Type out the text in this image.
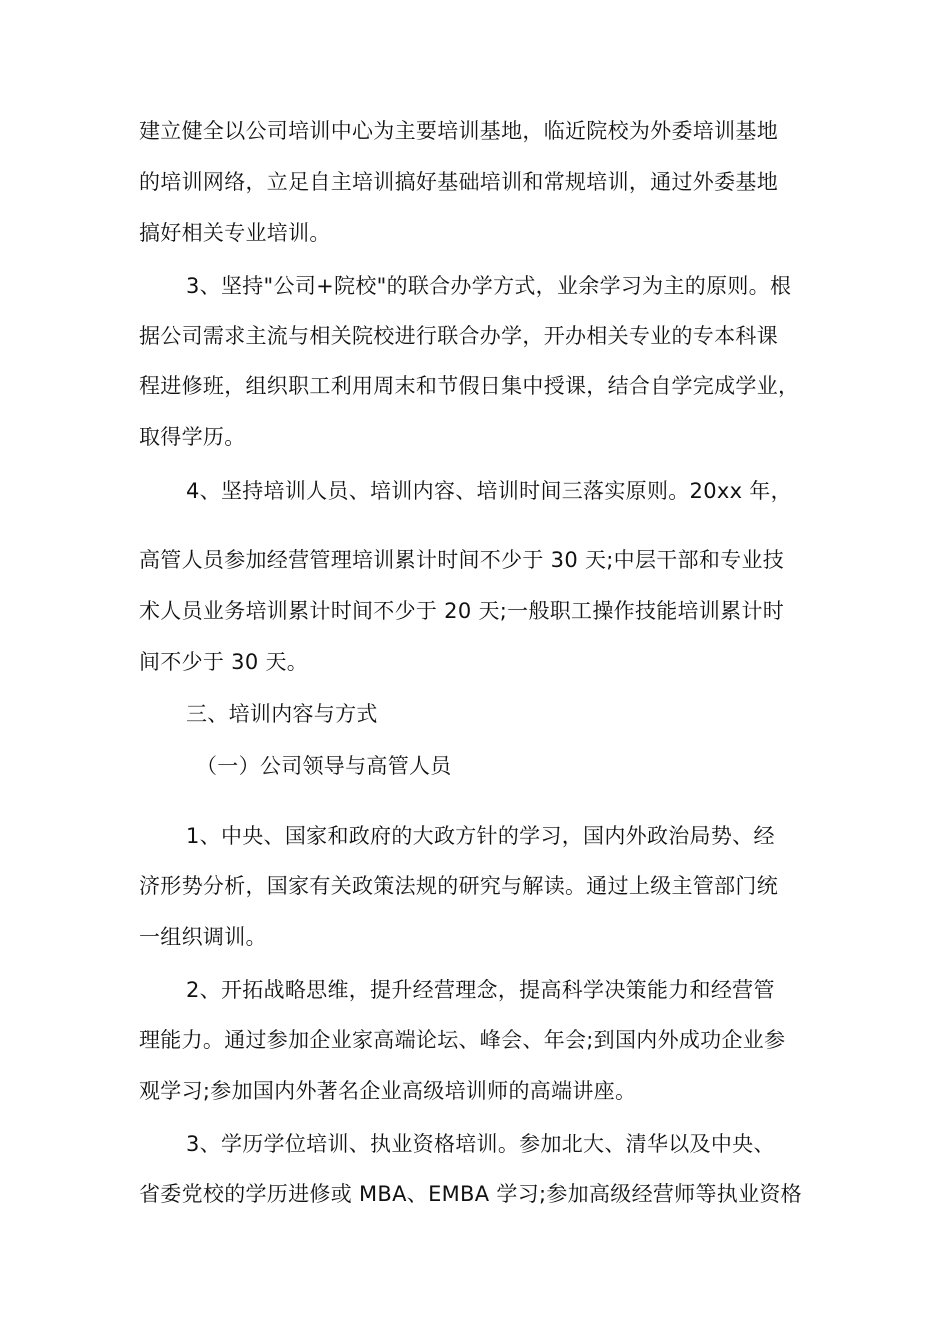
建立健全以公司培训中心为主要培训基地，临近院校为外委培训基地
的培训网络，立足自主培训搞好基础培训和常规培训，通过外委基地
搞好相关专业培训。
3、坚持"公司+院校"的联合办学方式，业余学习为主的原则。根
据公司需求主流与相关院校进行联合办学，开办相关专业的专本科课
程进修班，组织职工利用周末和节假日集中授课，结合自学完成学业，
取得学历。
4、坚持培训人员、培训内容、培训时间三落实原则。20xx 年，
高管人员参加经营管理培训累计时间不少于 30 天;中层干部和专业技
术人员业务培训累计时间不少于 20 天;一般职工操作技能培训累计时
间不少于 30 天。
三、培训内容与方式
（一）公司领导与高管人员
1、中央、国家和政府的大政方针的学习，国内外政治局势、经
济形势分析，国家有关政策法规的研究与解读。通过上级主管部门统
一组织调训。
2、开拓战略思维，提升经营理念，提高科学决策能力和经营管
理能力。通过参加企业家高端论坛、峰会、年会;到国内外成功企业参
观学习;参加国内外著名企业高级培训师的高端讲座。
3、学历学位培训、执业资格培训。参加北大、清华以及中央、
省委党校的学历进修或 MBA、EMBA 学习;参加高级经营师等执业资格
